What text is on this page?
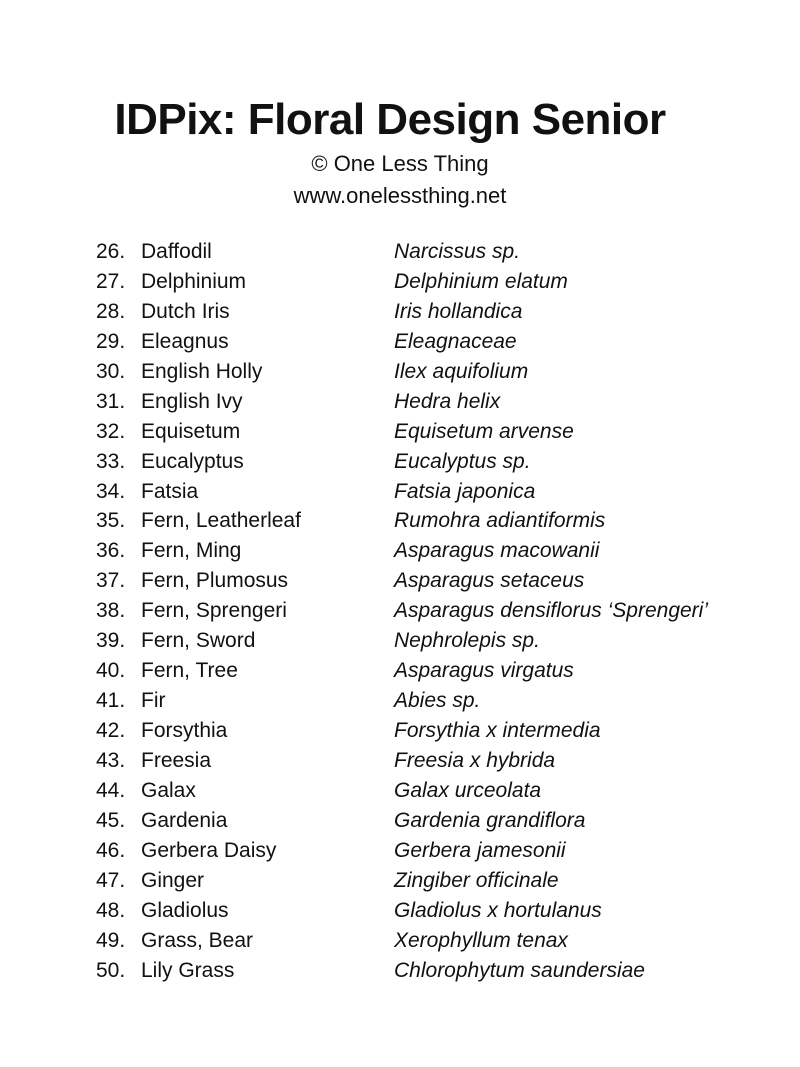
IDPix: Floral Design Senior
© One Less Thing
www.onelessthing.net
26. Daffodil	Narcissus sp.
27. Delphinium	Delphinium elatum
28. Dutch Iris	Iris hollandica
29. Eleagnus	Eleagnaceae
30. English Holly	Ilex aquifolium
31. English Ivy	Hedra helix
32. Equisetum	Equisetum arvense
33. Eucalyptus	Eucalyptus sp.
34. Fatsia	Fatsia japonica
35. Fern, Leatherleaf	Rumohra adiantiformis
36. Fern, Ming	Asparagus macowanii
37. Fern, Plumosus	Asparagus setaceus
38. Fern, Sprengeri	Asparagus densiflorus ‘Sprengeri’
39. Fern, Sword	Nephrolepis sp.
40. Fern, Tree	Asparagus virgatus
41. Fir	Abies sp.
42. Forsythia	Forsythia x intermedia
43. Freesia	Freesia x hybrida
44. Galax	Galax urceolata
45. Gardenia	Gardenia grandiflora
46. Gerbera Daisy	Gerbera jamesonii
47. Ginger	Zingiber officinale
48. Gladiolus	Gladiolus x hortulanus
49. Grass, Bear	Xerophyllum tenax
50. Lily Grass	Chlorophytum saundersiae
